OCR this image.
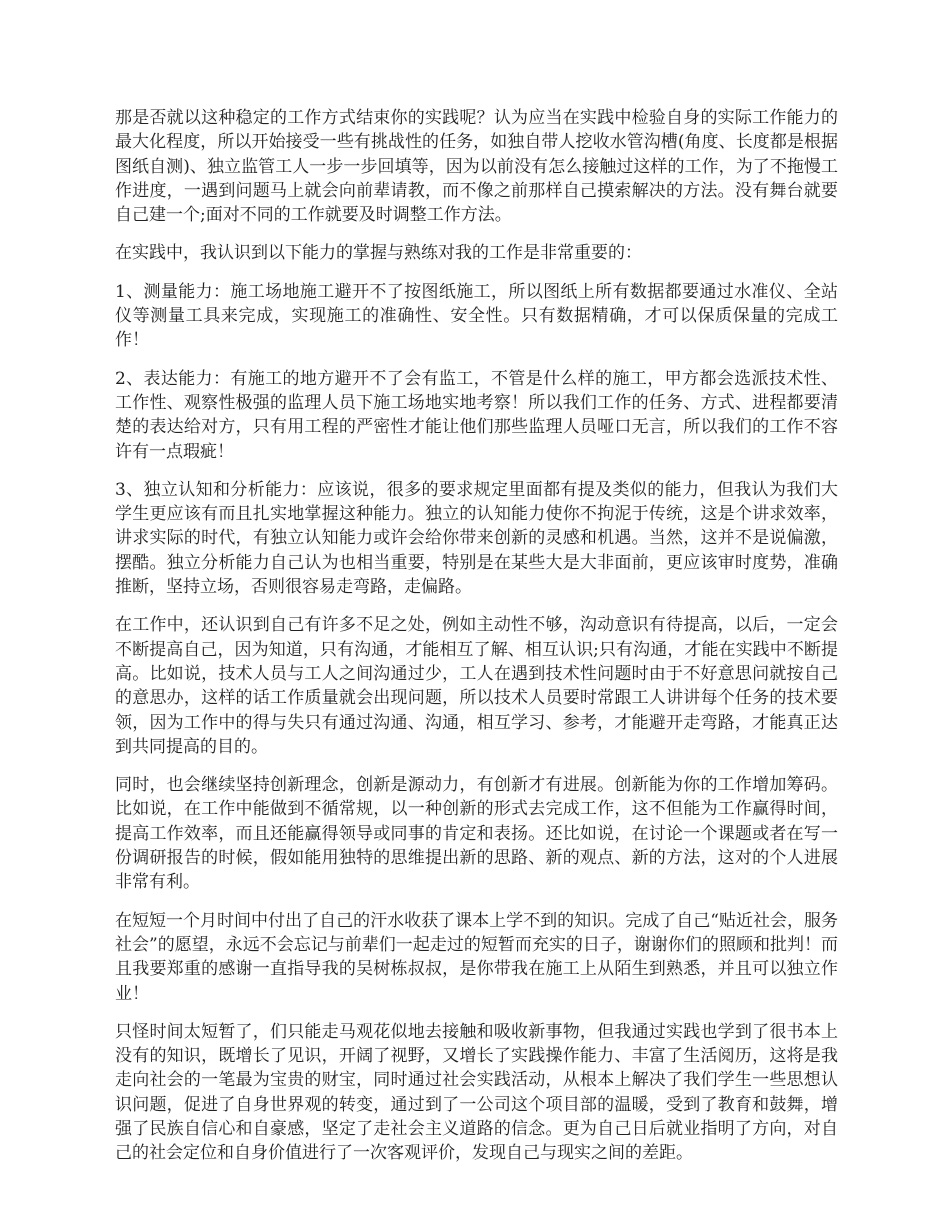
那是否就以这种稳定的工作方式结束你的实践呢？认为应当在实践中检验自身的实际工作能力的最大化程度，所以开始接受一些有挑战性的任务，如独自带人挖收水管沟槽(角度、长度都是根据图纸自测)、独立监管工人一步一步回填等，因为以前没有怎么接触过这样的工作，为了不拖慢工作进度，一遇到问题马上就会向前辈请教，而不像之前那样自己摸索解决的方法。没有舞台就要自己建一个;面对不同的工作就要及时调整工作方法。

在实践中，我认识到以下能力的掌握与熟练对我的工作是非常重要的：

1、测量能力：施工场地施工避开不了按图纸施工，所以图纸上所有数据都要通过水准仪、全站仪等测量工具来完成，实现施工的准确性、安全性。只有数据精确，才可以保质保量的完成工作！

2、表达能力：有施工的地方避开不了会有监工，不管是什么样的施工，甲方都会选派技术性、工作性、观察性极强的监理人员下施工场地实地考察！所以我们工作的任务、方式、进程都要清楚的表达给对方，只有用工程的严密性才能让他们那些监理人员哑口无言，所以我们的工作不容许有一点瑕疵！

3、独立认知和分析能力：应该说，很多的要求规定里面都有提及类似的能力，但我认为我们大学生更应该有而且扎实地掌握这种能力。独立的认知能力使你不拘泥于传统，这是个讲求效率，讲求实际的时代，有独立认知能力或许会给你带来创新的灵感和机遇。当然，这并不是说偏激，摆酷。独立分析能力自己认为也相当重要，特别是在某些大是大非面前，更应该审时度势，准确推断，坚持立场，否则很容易走弯路，走偏路。

在工作中，还认识到自己有许多不足之处，例如主动性不够，沟动意识有待提高，以后，一定会不断提高自己，因为知道，只有沟通，才能相互了解、相互认识;只有沟通，才能在实践中不断提高。比如说，技术人员与工人之间沟通过少，工人在遇到技术性问题时由于不好意思问就按自己的意思办，这样的话工作质量就会出现问题，所以技术人员要时常跟工人讲讲每个任务的技术要领，因为工作中的得与失只有通过沟通、沟通，相互学习、参考，才能避开走弯路，才能真正达到共同提高的目的。

同时，也会继续坚持创新理念，创新是源动力，有创新才有进展。创新能为你的工作增加筹码。比如说，在工作中能做到不循常规，以一种创新的形式去完成工作，这不但能为工作赢得时间，提高工作效率，而且还能赢得领导或同事的肯定和表扬。还比如说，在讨论一个课题或者在写一份调研报告的时候，假如能用独特的思维提出新的思路、新的观点、新的方法，这对的个人进展非常有利。

在短短一个月时间中付出了自己的汗水收获了课本上学不到的知识。完成了自己“贴近社会，服务社会”的愿望，永远不会忘记与前辈们一起走过的短暂而充实的日子，谢谢你们的照顾和批判！而且我要郑重的感谢一直指导我的吴树栋叔叔，是你带我在施工上从陌生到熟悉，并且可以独立作业！

只怪时间太短暂了，们只能走马观花似地去接触和吸收新事物，但我通过实践也学到了很书本上没有的知识，既增长了见识，开阔了视野，又增长了实践操作能力、丰富了生活阅历，这将是我走向社会的一笔最为宝贵的财宝，同时通过社会实践活动，从根本上解决了我们学生一些思想认识问题，促进了自身世界观的转变，通过到了一公司这个项目部的温暖，受到了教育和鼓舞，增强了民族自信心和自豪感，坚定了走社会主义道路的信念。更为自己日后就业指明了方向，对自己的社会定位和自身价值进行了一次客观评价，发现自己与现实之间的差距。
